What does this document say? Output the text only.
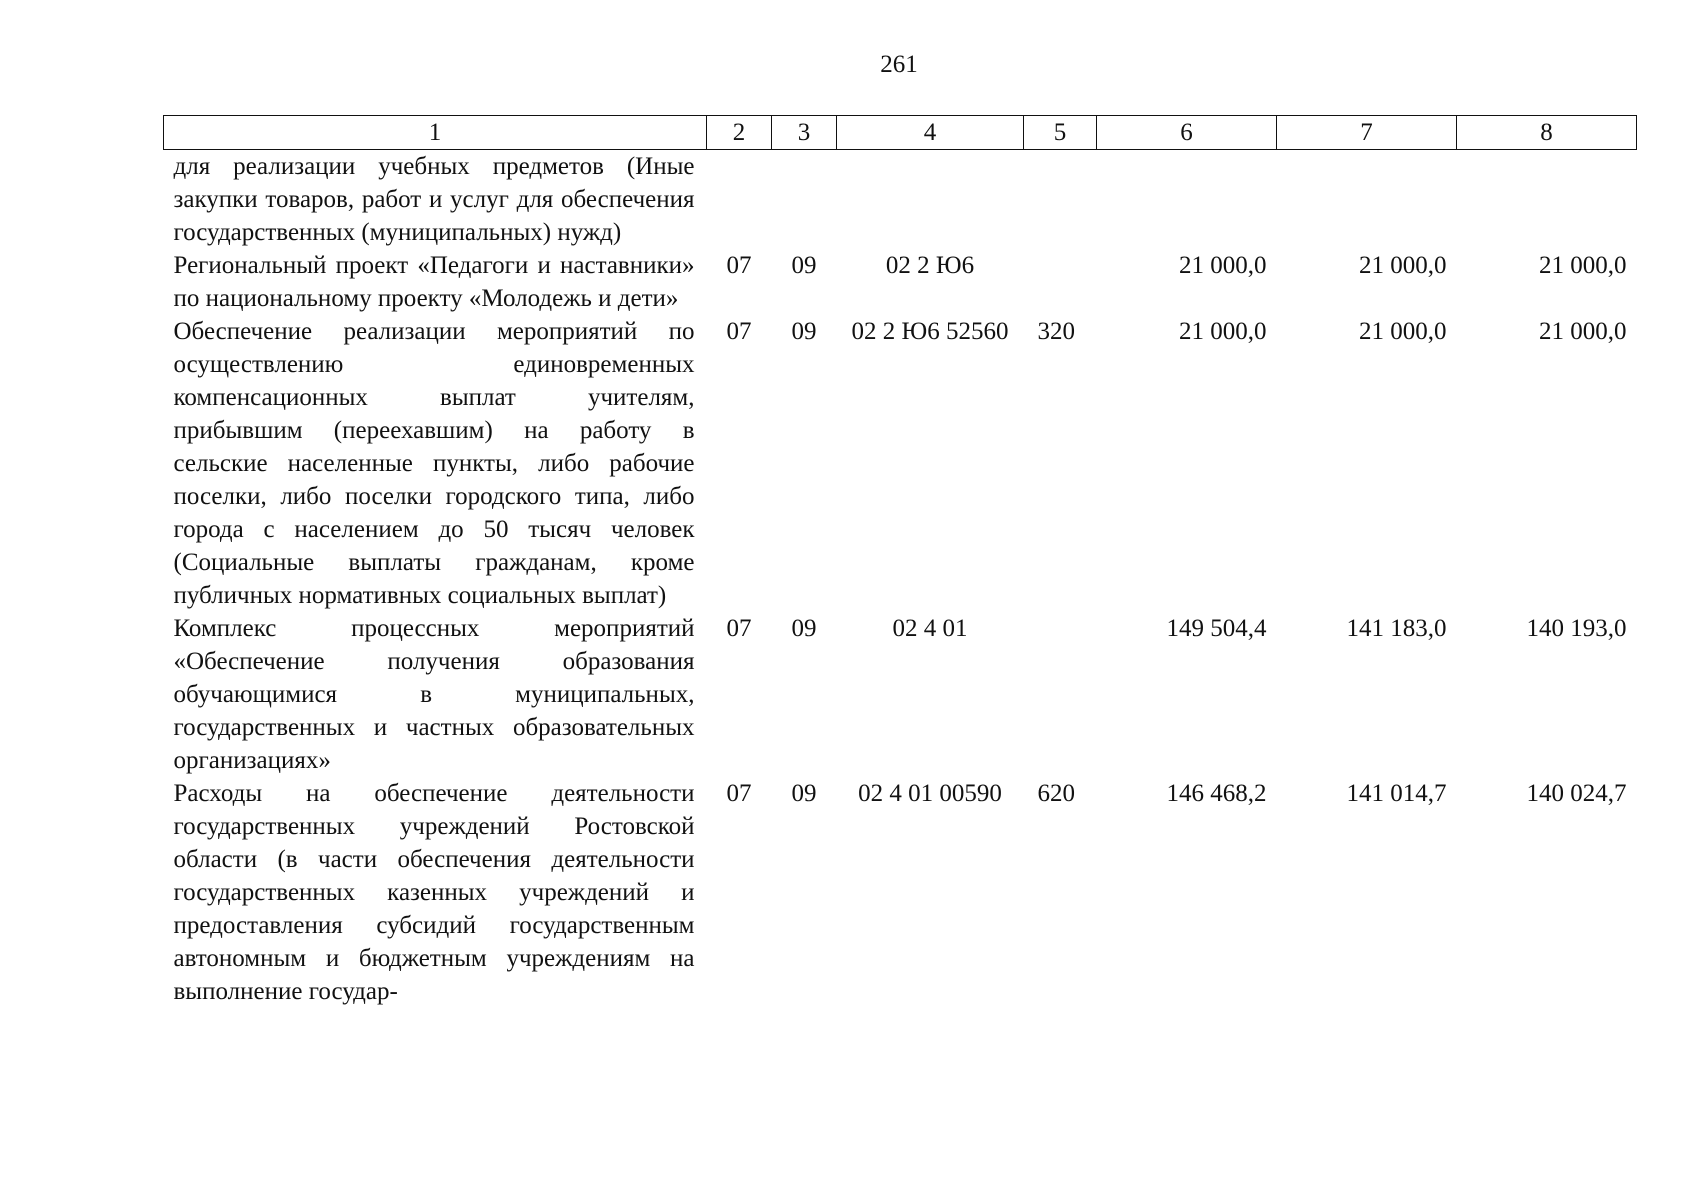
261
1	2	3	4	5	6	7	8
для реализации учебных предметов (Иные закупки товаров, работ и услуг для обеспечения государственных (муниципальных) нужд)							
Региональный проект «Педагоги и наставники» по национальному проекту «Молодежь и дети»	07	09	02 2 Ю6		21 000,0	21 000,0	21 000,0
Обеспечение реализации мероприятий по осуществлению единовременных компенсационных выплат учителям, прибывшим (переехавшим) на работу в сельские населенные пункты, либо рабочие поселки, либо поселки городского типа, либо города с населением до 50 тысяч человек (Социальные выплаты гражданам, кроме публичных нормативных социальных выплат)	07	09	02 2 Ю6 52560	320	21 000,0	21 000,0	21 000,0
Комплекс процессных мероприятий «Обеспечение получения образования обучающимися в муниципальных, государственных и частных образовательных организациях»	07	09	02 4 01		149 504,4	141 183,0	140 193,0
Расходы на обеспечение деятельности государственных учреждений Ростовской области (в части обеспечения деятельности государственных казенных учреждений и предоставления субсидий государственным автономным и бюджетным учреждениям на выполнение государ-	07	09	02 4 01 00590	620	146 468,2	141 014,7	140 024,7
